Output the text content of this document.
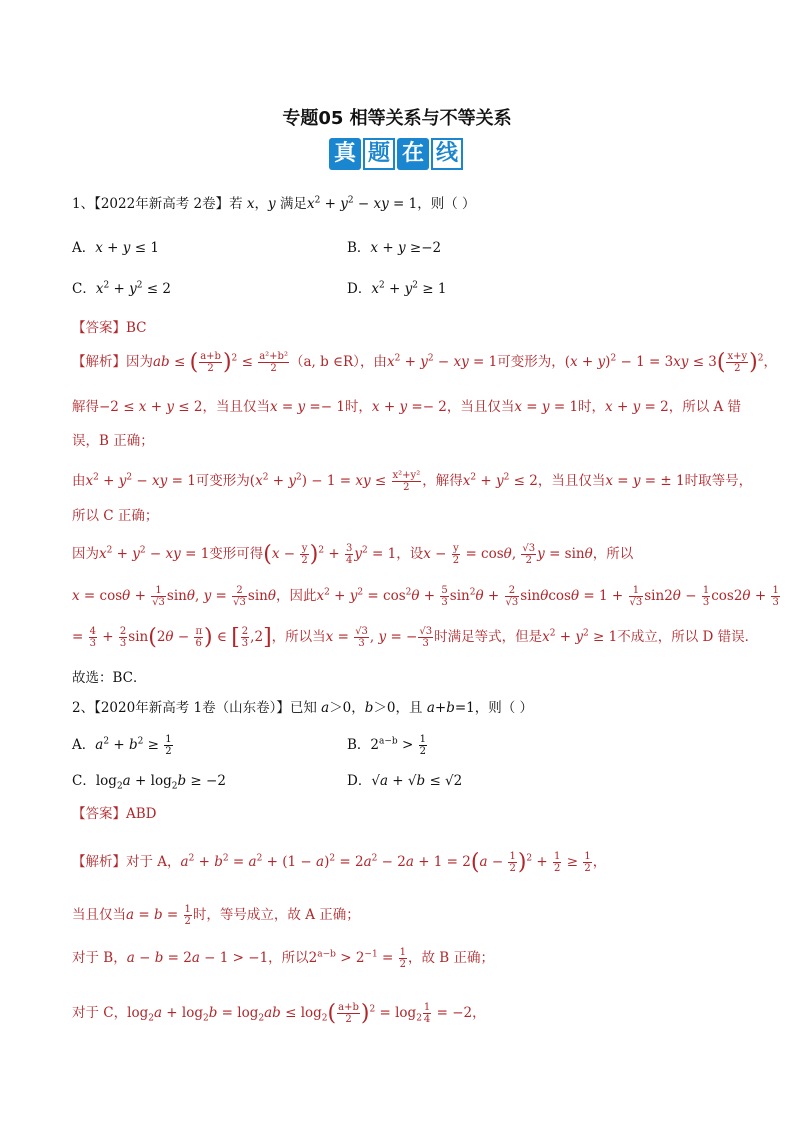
专题05 相等关系与不等关系
真 题 在 线
1、【2022年新高考 2卷】若 x，y 满足$x^2 + y^2$ − xy = 1，则（ ）
A．x + y ≤ 1	B．x + y ≥−2
C．$x^2 + y^2 \le 2$	D．$x^2 + y^2 \ge 1$
【答案】BC
【解析】因为ab ≤ ( $\frac{a+b}{2} )^2 \le \frac{\text{a²+b²}}{2} (a$, b ∈R），由$x^2 + y^2$ − xy = 1可变形为，$(x + y)^2 - 1 = 3xy \le 3( \frac{x+y}{2} )^2$，
解得−2 ≤ x + y ≤ 2，当且仅当x = y =− 1时，x + y =− 2，当且仅当x = y = 1时，x + y = 2，所以 A 错
误，B 正确；
由$x^2 + y^2$ − xy = 1可变形为$(x^2 + y^2) - 1$ = xy ≤ $\frac{\text{x²+y²}}{2}$ ，解得$x^2 + y^2 \le 2$，当且仅当x = y = ± 1时取等号，
所以 C 正确；
因为$x^2 + y^2$ − xy = 1变形可得$(x - \frac{y}{2} )^2 + \frac{3}{4} y^2 = 1$，设$x - \frac{y}{2} = \cos\theta$, $\frac{√3}{2}$ y = sinθ，所以
$x = \cos\theta + \frac{1}{√3} \sin\theta$, $y = \frac{2}{√3}$ sinθ，因此$x^2 + y^2 = \cos^2\theta + \frac{5}{3} \sin^2\theta + \frac{2}{√3}$ $\sin\theta\cos\theta = 1 + \frac{1}{√3} \sin 2\theta - \frac{1}{3} \cos 2\theta + \frac{1}{3}$
= $\frac{4}{3} + \frac{2}{3} \sin(2\theta - \frac{\pi}{6}$ ) ∈ [ $\frac{2}{3} ,2$]，所以当$x = \frac{√3}{3}$ , y = − $\frac{√3}{3}$ 时满足等式，但是$x^2 + y^2 \ge 1$不成立，所以 D 错误．
故选：BC．
2、【2020年新高考 1卷（山东卷）】已知 a＞0，b＞0，且 a+b=1，则（ ）
A．$a^2 + b^2 \ge \frac{1}{2}$	B．$2^{a-b} > \frac{1}{2}$
C．$\log_2a + \log_2b \ge -2$	D．√a + √b ≤ √2
【答案】ABD
【解析】对于 A，$a^2 + b^2 = a^2 + (1 - a)^2 = 2a^2 - 2a + 1 = 2(a - \frac{1}{2} )^2 + \frac{1}{2} \ge \frac{1}{2}$ ，
当且仅当$a = b = \frac{1}{2}$ 时，等号成立，故 A 正确；
对于 B，a − b = 2a − 1 > −1，所以$2^{a-b} > 2^{-1} = \frac{1}{2}$ ，故 B 正确；
对于 C，$\log_2a + \log_2b = \log_2ab \le \log_2( \frac{a+b}{2} )^2 = \log_2 \frac{1}{4} = -2$，
